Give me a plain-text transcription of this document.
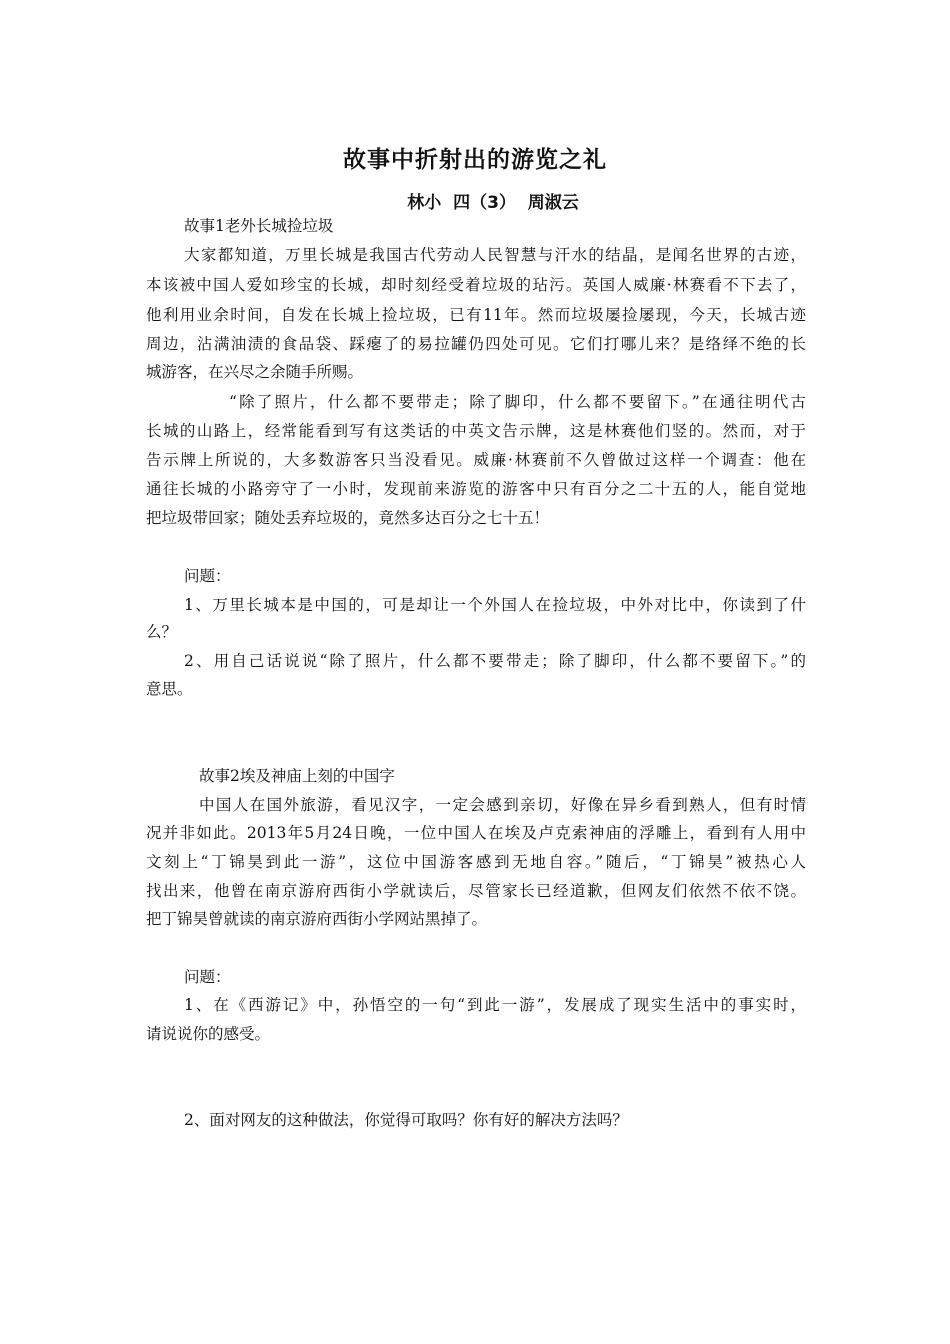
故事中折射出的游览之礼
林小  四（3）  周淑云
故事1老外长城捡垃圾
大家都知道，万里长城是我国古代劳动人民智慧与汗水的结晶，是闻名世界的古迹，
本该被中国人爱如珍宝的长城，却时刻经受着垃圾的玷污。英国人威廉·林赛看不下去了，
他利用业余时间，自发在长城上捡垃圾，已有11年。然而垃圾屡捡屡现，今天，长城古迹
周边，沾满油渍的食品袋、踩瘪了的易拉罐仍四处可见。它们打哪儿来？是络绎不绝的长
城游客，在兴尽之余随手所赐。
“除了照片，什么都不要带走；除了脚印，什么都不要留下。”在通往明代古
长城的山路上，经常能看到写有这类话的中英文告示牌，这是林赛他们竖的。然而，对于
告示牌上所说的，大多数游客只当没看见。威廉·林赛前不久曾做过这样一个调查：他在
通往长城的小路旁守了一小时，发现前来游览的游客中只有百分之二十五的人，能自觉地
把垃圾带回家；随处丢弃垃圾的，竟然多达百分之七十五！
问题：
1、万里长城本是中国的，可是却让一个外国人在捡垃圾，中外对比中，你读到了什
么？
2、用自己话说说“除了照片，什么都不要带走；除了脚印，什么都不要留下。”的
意思。
故事2埃及神庙上刻的中国字
中国人在国外旅游，看见汉字，一定会感到亲切，好像在异乡看到熟人，但有时情
况并非如此。2013年5月24日晚，一位中国人在埃及卢克索神庙的浮雕上，看到有人用中
文刻上“丁锦昊到此一游”，这位中国游客感到无地自容。”随后，“丁锦昊”被热心人
找出来，他曾在南京游府西街小学就读后，尽管家长已经道歉，但网友们依然不依不饶。
把丁锦昊曾就读的南京游府西街小学网站黑掉了。
问题：
1、在《西游记》中，孙悟空的一句“到此一游”，发展成了现实生活中的事实时，
请说说你的感受。
2、面对网友的这种做法，你觉得可取吗？你有好的解决方法吗？
